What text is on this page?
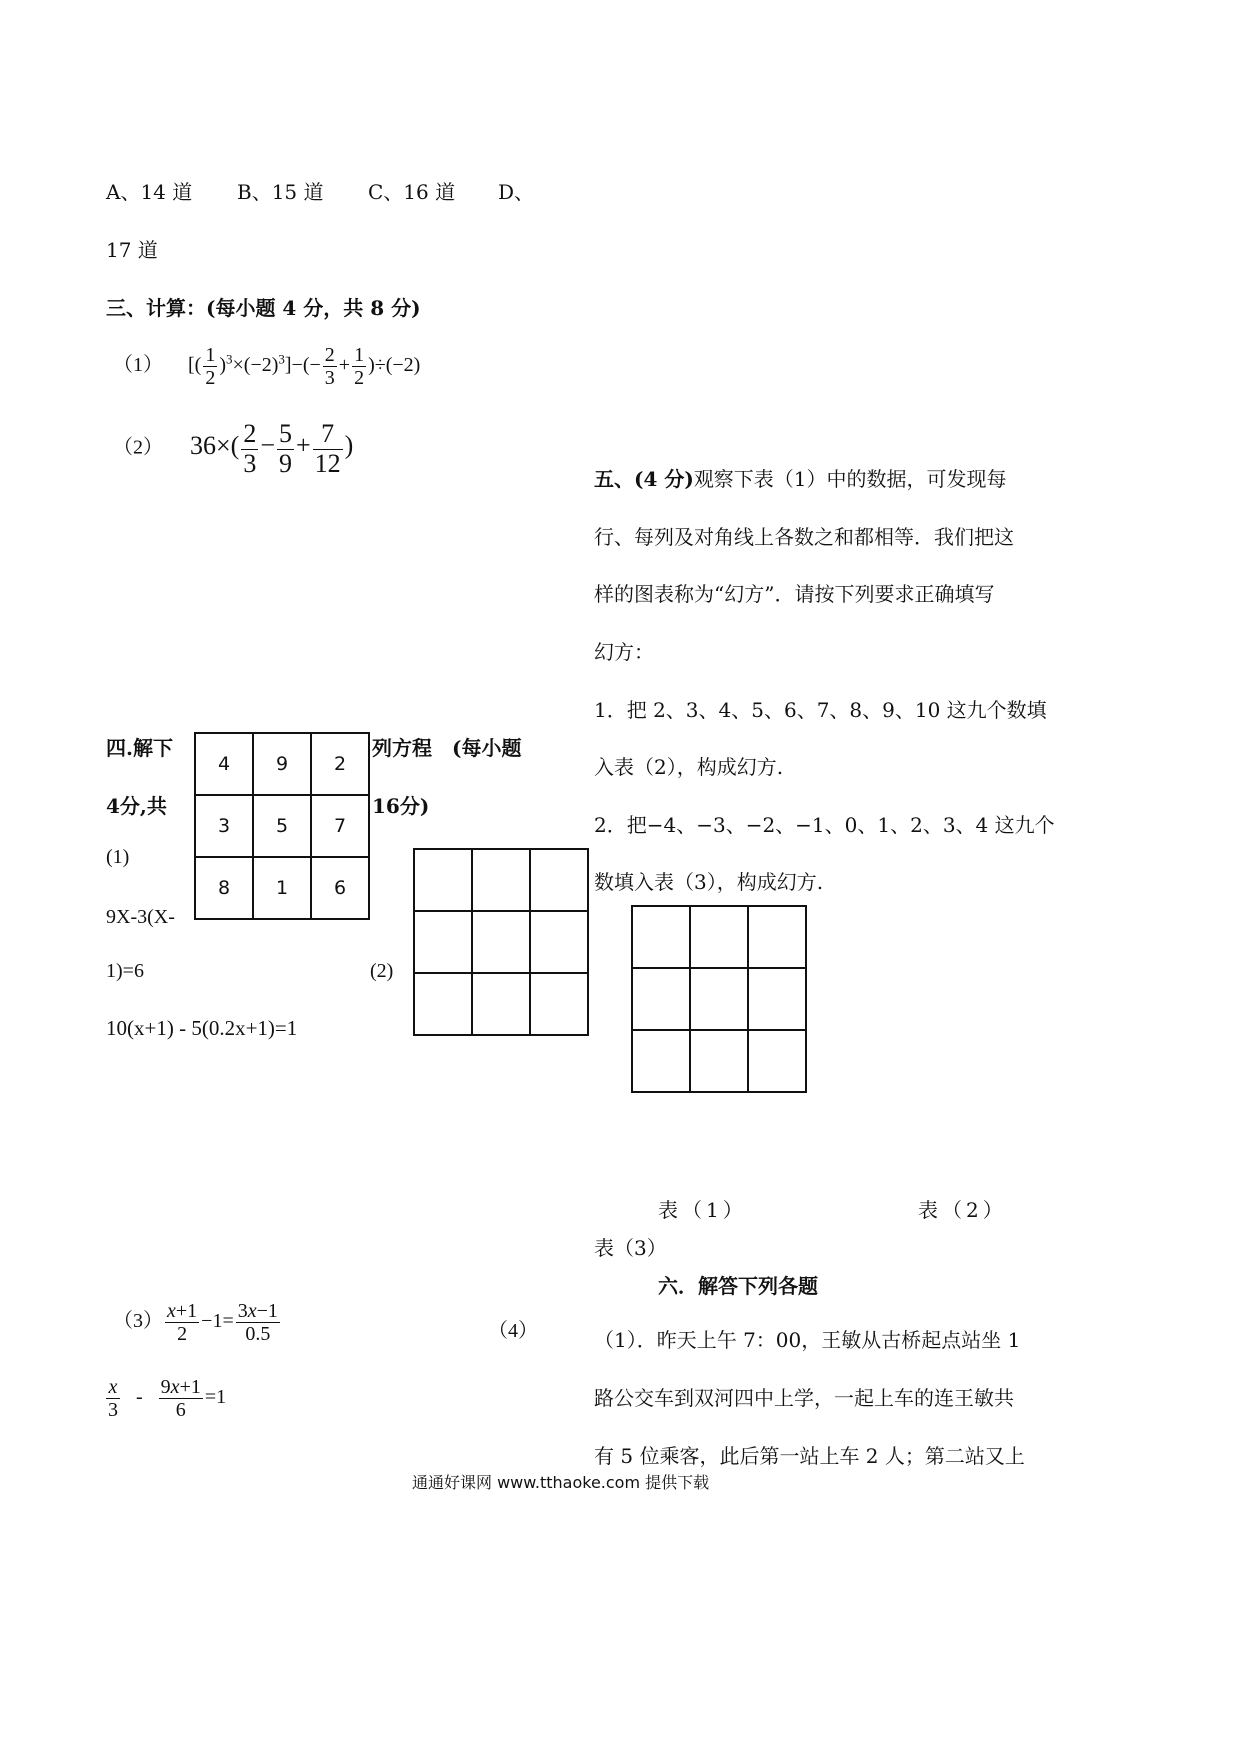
A、14 道 B、15 道 C、16 道 D、
17 道
三、计算：(每小题 4 分，共 8 分)
（1） [( $\frac{1}{2} )^3\times(-2)^3]-(- \frac{2}{3} + \frac{1}{2} )\div(-2)$
（2） $36\times( \frac{2}{3} - \frac{5}{9} + \frac{7}{12}$ )
四.解下	列方程　(每小题
4分,共	16分)
4	9	2
3	5	7
8	1	6
(1)
9X-3(X-
1)=6

			(2)
10(x+1) - 5(0.2x+1)=1
$(3) \frac{x+1}{2} -1= \frac{3x-1}{0.5}$	（4）
$\frac{x}{3} - \frac{9x+1}{6} =1$
五、(4 分)观察下表（1）中的数据，可发现每
行、每列及对角线上各数之和都相等．我们把这
样的图表称为“幻方”．请按下列要求正确填写
幻方：
1．把 2、3、4、5、6、7、8、9、10 这九个数填
入表（2），构成幻方.
2．把−4、−3、−2、−1、0、1、2、3、4 这九个
数填入表（3），构成幻方.

表（1）	表（2）
表（3）
六．解答下列各题
（1）．昨天上午 7：00，王敏从古桥起点站坐 1
路公交车到双河四中上学，一起上车的连王敏共
有 5 位乘客，此后第一站上车 2 人；第二站又上
通通好课网 www.tthaoke.com 提供下载
